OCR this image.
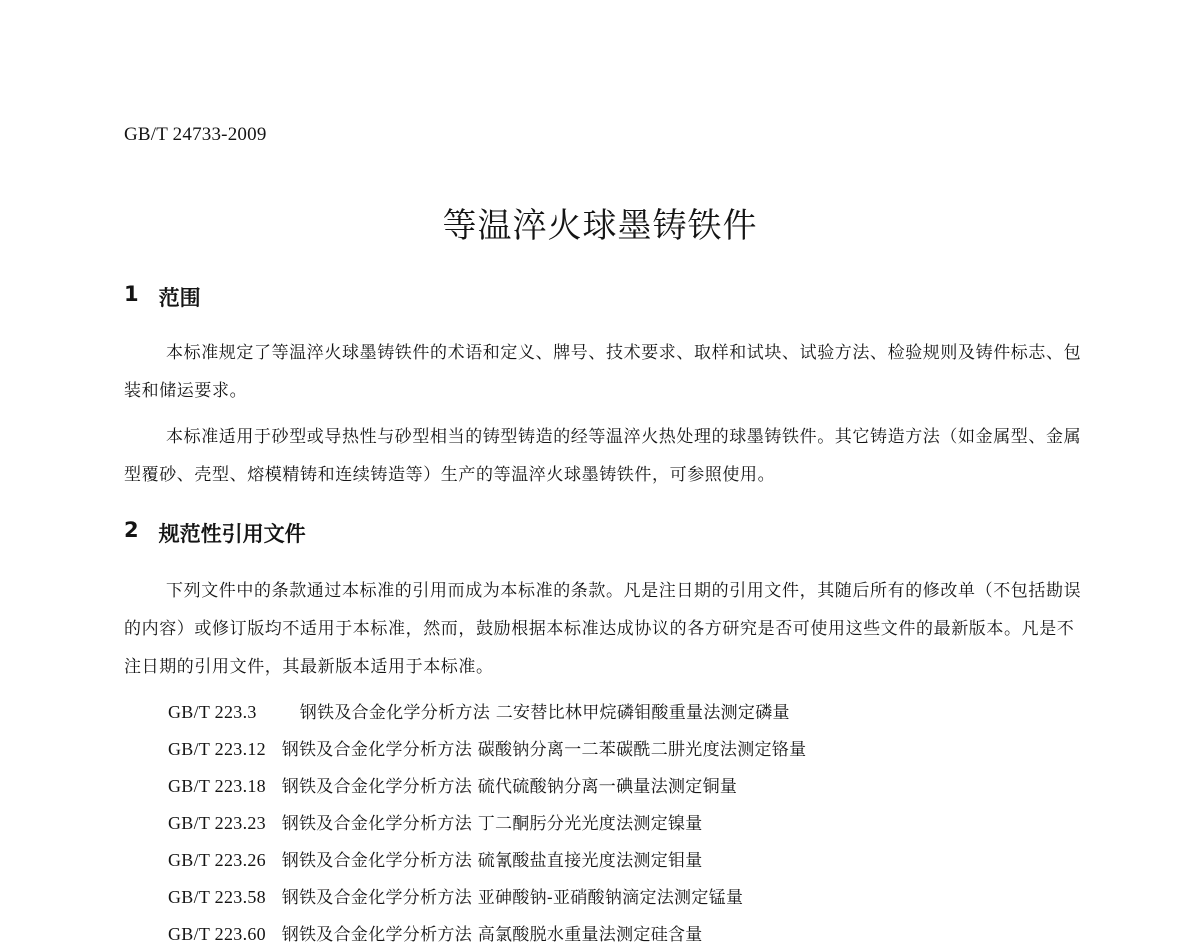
GB/T 24733-2009
等温淬火球墨铸铁件
1 范围

本标准规定了等温淬火球墨铸铁件的术语和定义、牌号、技术要求、取样和试块、试验方法、检验规则及铸件标志、包装和储运要求。

本标准适用于砂型或导热性与砂型相当的铸型铸造的经等温淬火热处理的球墨铸铁件。其它铸造方法（如金属型、金属型覆砂、壳型、熔模精铸和连续铸造等）生产的等温淬火球墨铸铁件，可参照使用。

2 规范性引用文件

下列文件中的条款通过本标准的引用而成为本标准的条款。凡是注日期的引用文件，其随后所有的修改单（不包括勘误的内容）或修订版均不适用于本标准，然而，鼓励根据本标准达成协议的各方研究是否可使用这些文件的最新版本。凡是不注日期的引用文件，其最新版本适用于本标准。

GB/T 223.3	钢铁及合金化学分析方法 二安替比林甲烷磷钼酸重量法测定磷量
GB/T 223.12 钢铁及合金化学分析方法 碳酸钠分离一二苯碳酰二肼光度法测定铬量
GB/T 223.18 钢铁及合金化学分析方法 硫代硫酸钠分离一碘量法测定铜量
GB/T 223.23 钢铁及合金化学分析方法 丁二酮肟分光光度法测定镍量
GB/T 223.26 钢铁及合金化学分析方法 硫氰酸盐直接光度法测定钼量
GB/T 223.58 钢铁及合金化学分析方法 亚砷酸钠-亚硝酸钠滴定法测定锰量
GB/T 223.60 钢铁及合金化学分析方法 高氯酸脱水重量法测定硅含量
